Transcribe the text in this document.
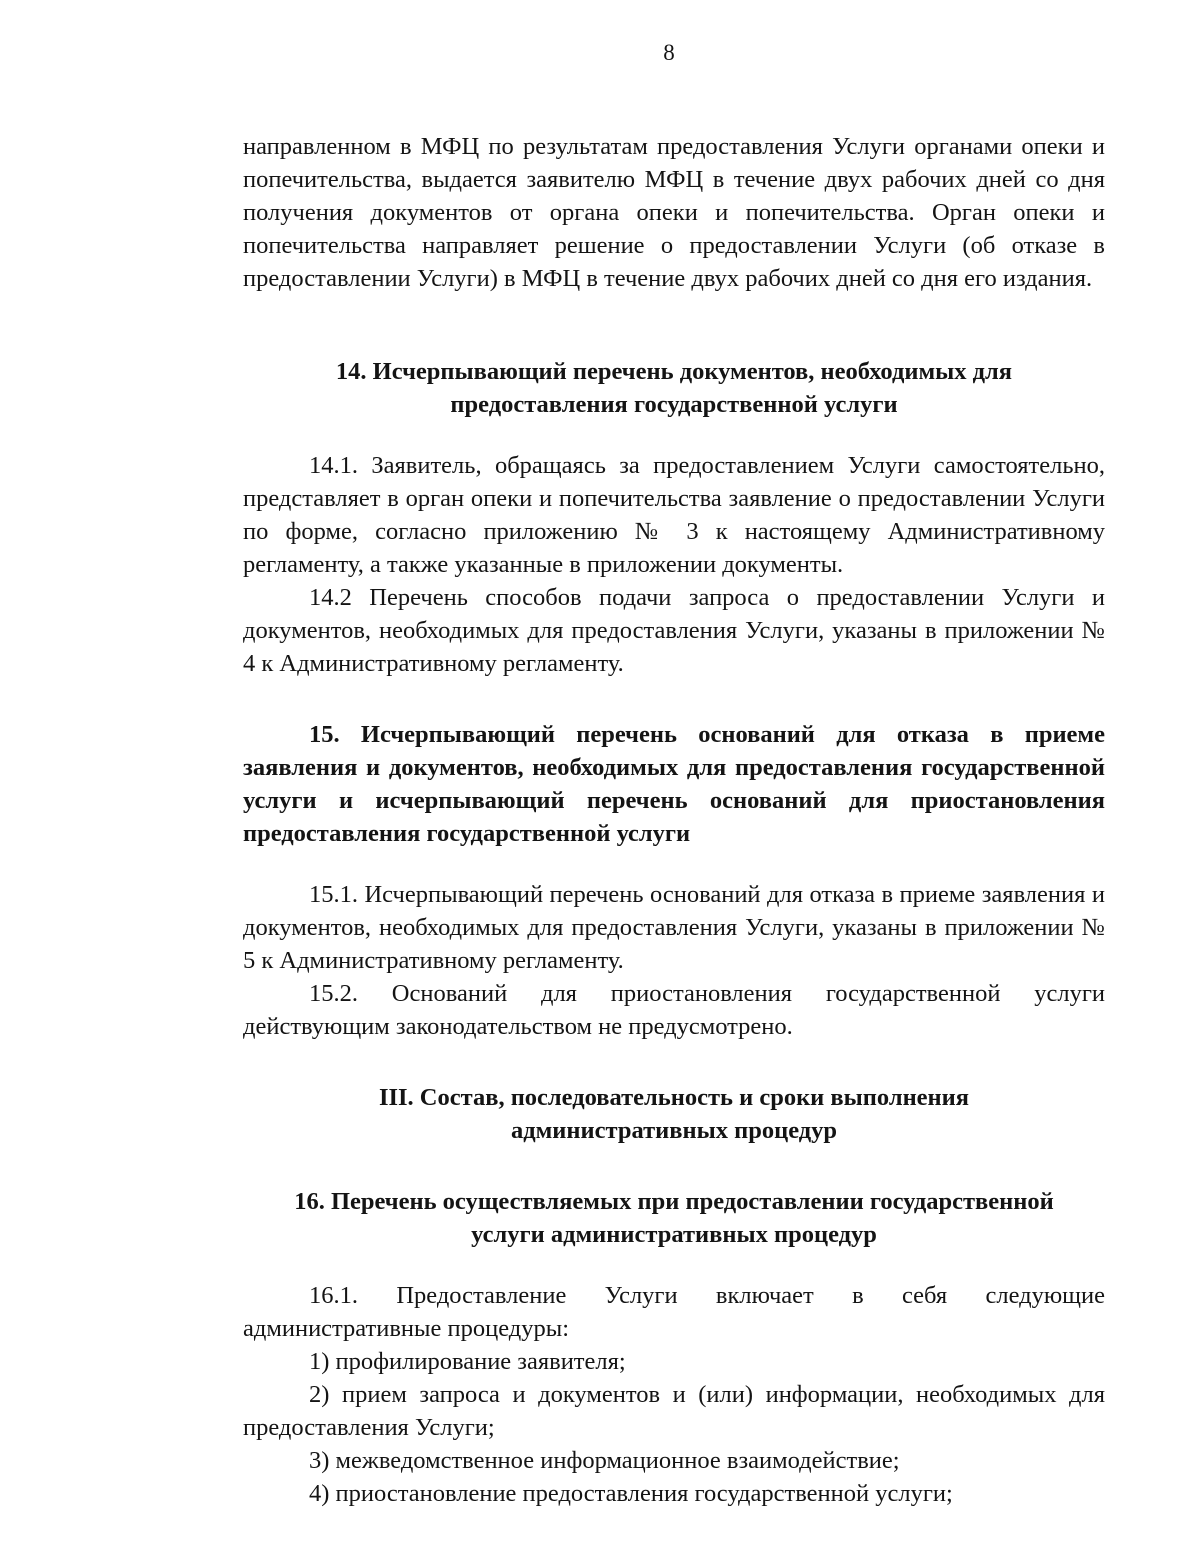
8

направленном в МФЦ по результатам предоставления Услуги органами опеки и попечительства, выдается заявителю МФЦ в течение двух рабочих дней со дня получения документов от органа опеки и попечительства. Орган опеки и попечительства направляет решение о предоставлении Услуги (об отказе в предоставлении Услуги) в МФЦ в течение двух рабочих дней со дня его издания.

14. Исчерпывающий перечень документов, необходимых для
предоставления государственной услуги

14.1. Заявитель, обращаясь за предоставлением Услуги самостоятельно, представляет в орган опеки и попечительства заявление о предоставлении Услуги по форме, согласно приложению № 3 к настоящему Административному регламенту, а также указанные в приложении документы.

14.2 Перечень способов подачи запроса о предоставлении Услуги и документов, необходимых для предоставления Услуги, указаны в приложении № 4 к Административному регламенту.

15. Исчерпывающий перечень оснований для отказа в приеме заявления и документов, необходимых для предоставления государственной услуги и исчерпывающий перечень оснований для приостановления предоставления государственной услуги

15.1. Исчерпывающий перечень оснований для отказа в приеме заявления и документов, необходимых для предоставления Услуги, указаны в приложении № 5 к Административному регламенту.

15.2. Оснований для приостановления государственной услуги действующим законодательством не предусмотрено.

III. Состав, последовательность и сроки выполнения
административных процедур
16. Перечень осуществляемых при предоставлении государственной
услуги административных процедур

16.1. Предоставление Услуги включает в себя следующие административные процедуры:

1) профилирование заявителя;

2) прием запроса и документов и (или) информации, необходимых для предоставления Услуги;

3) межведомственное информационное взаимодействие;

4) приостановление предоставления государственной услуги;
